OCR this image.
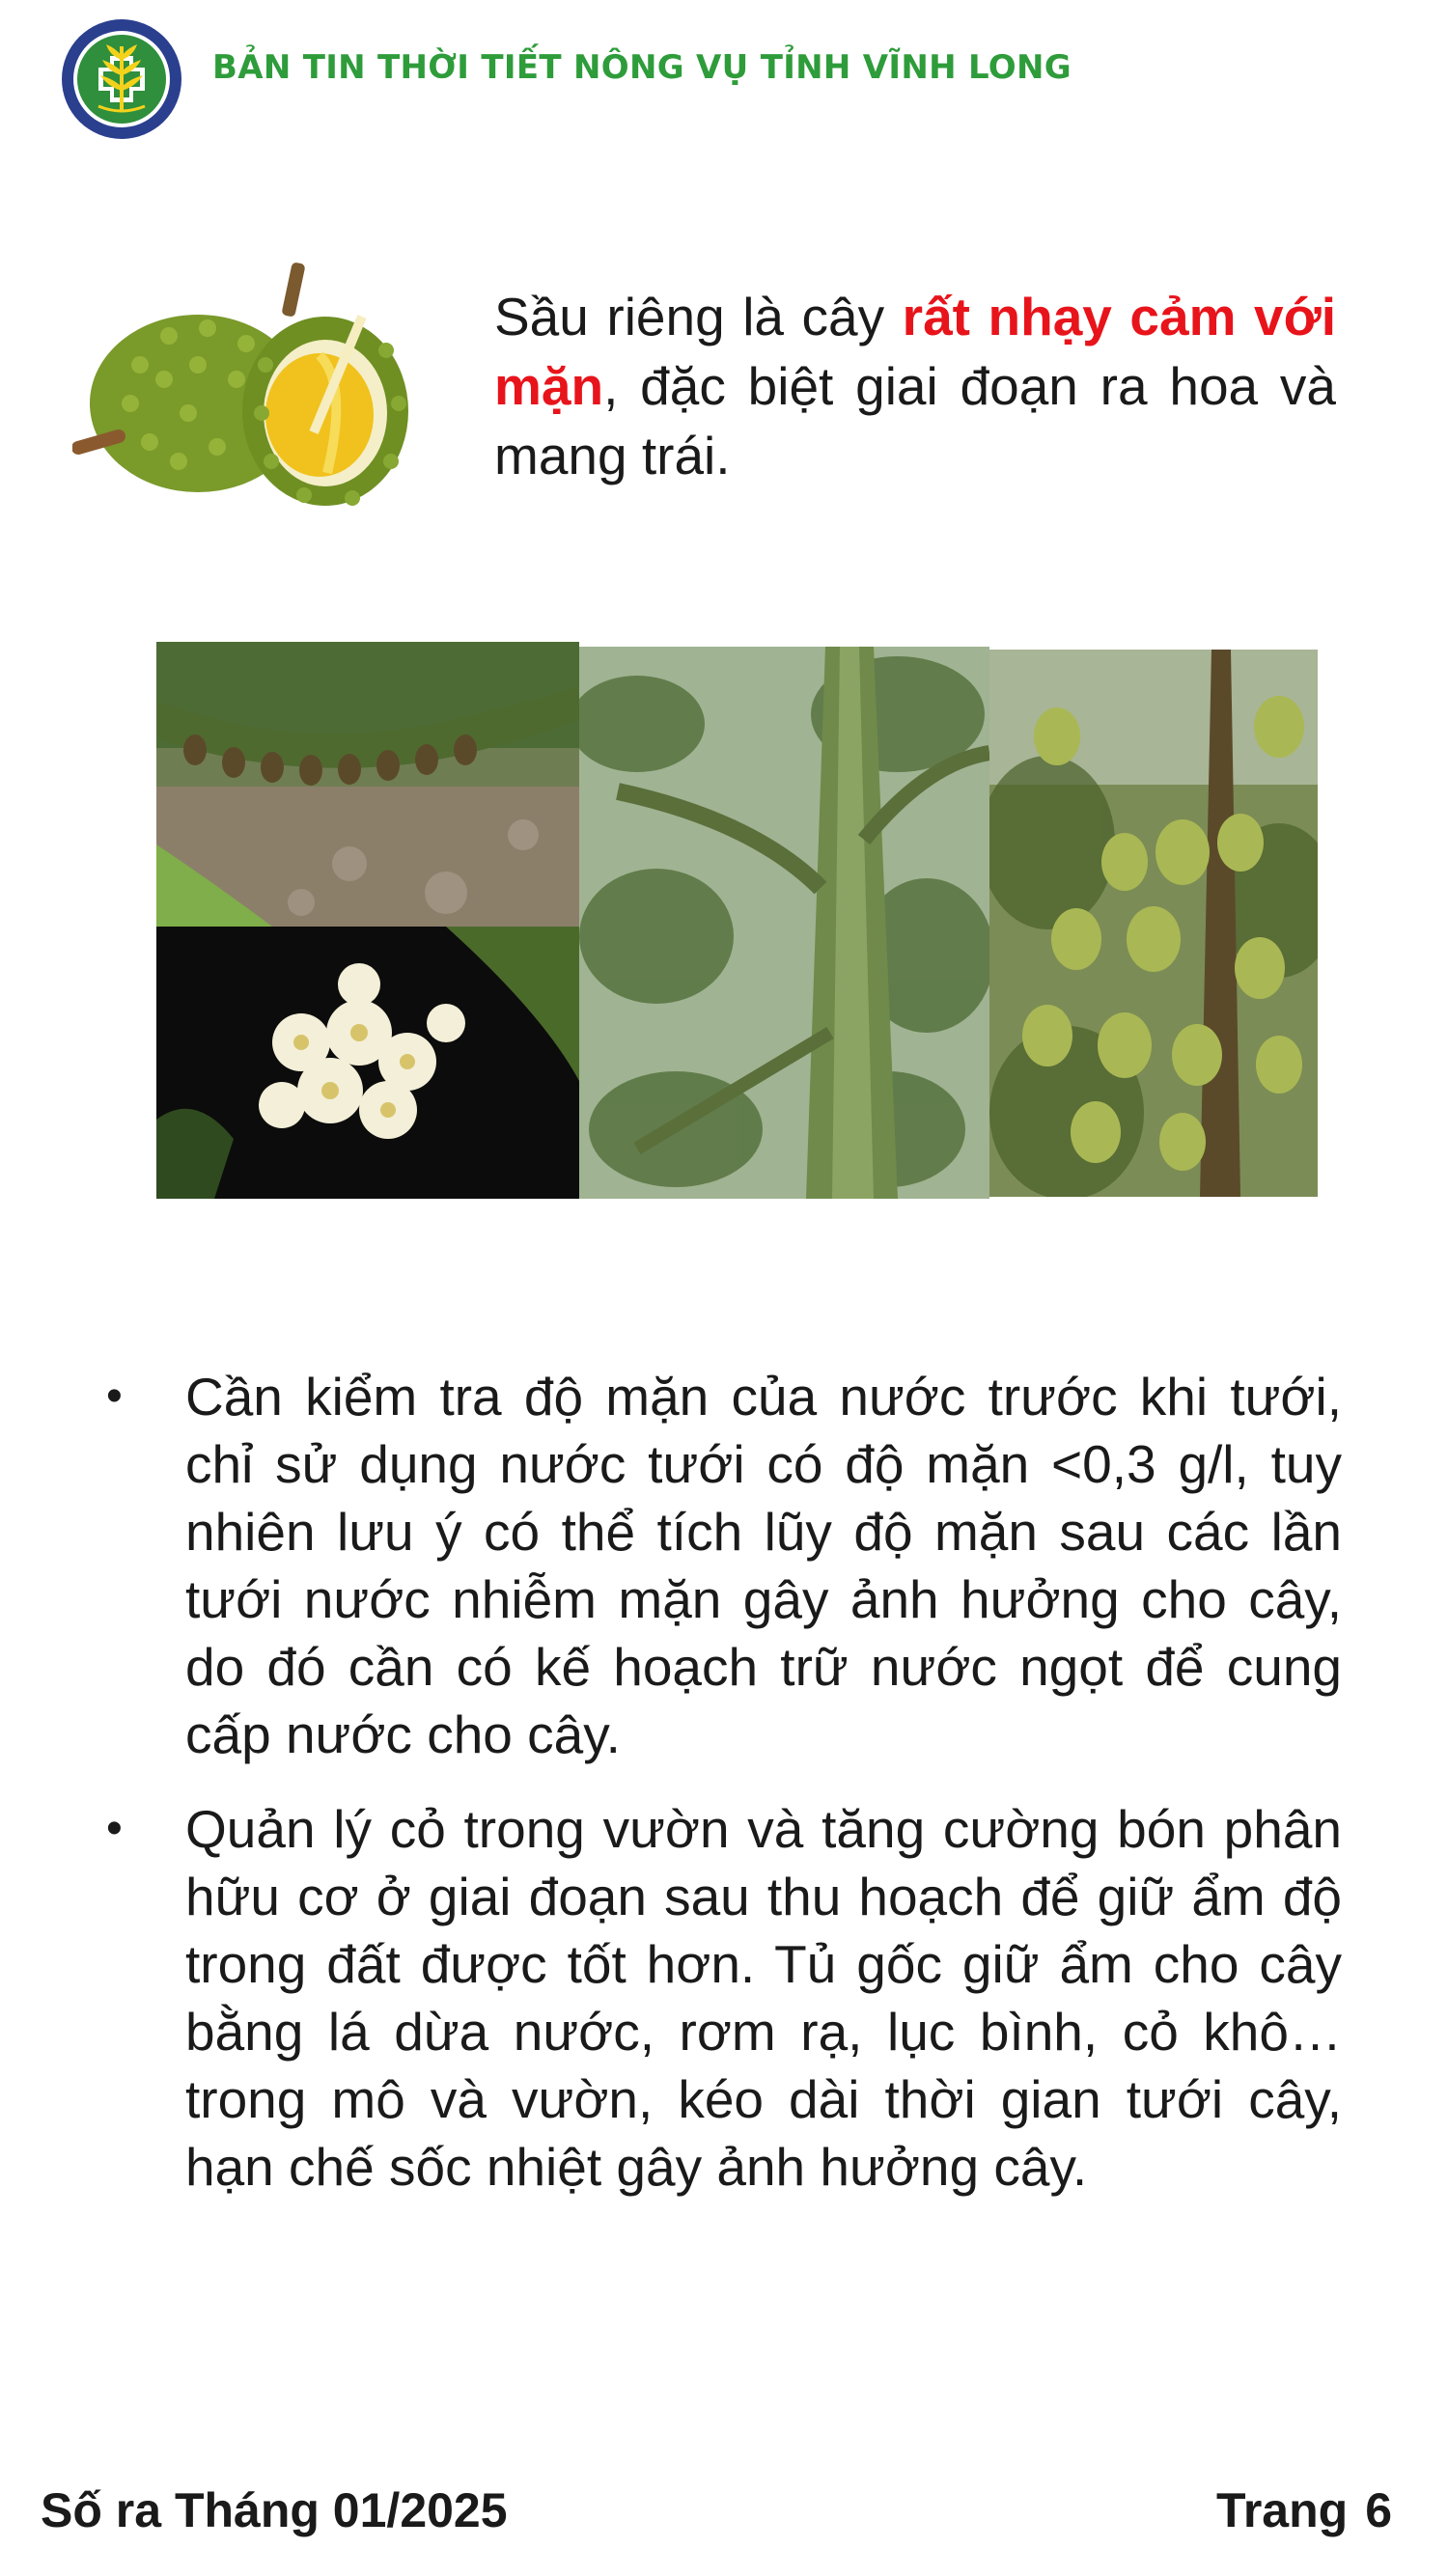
BẢN TIN THỜI TIẾT NÔNG VỤ TỈNH VĨNH LONG
Sầu riêng là cây rất nhạy cảm với mặn, đặc biệt giai đoạn ra hoa và mang trái.
• Cần kiểm tra độ mặn của nước trước khi tưới, chỉ sử dụng nước tưới có độ mặn <0,3 g/l, tuy nhiên lưu ý có thể tích lũy độ mặn sau các lần tưới nước nhiễm mặn gây ảnh hưởng cho cây, do đó cần có kế hoạch trữ nước ngọt để cung cấp nước cho cây.
• Quản lý cỏ trong vườn và tăng cường bón phân hữu cơ ở giai đoạn sau thu hoạch để giữ ẩm độ trong đất được tốt hơn. Tủ gốc giữ ẩm cho cây bằng lá dừa nước, rơm rạ, lục bình, cỏ khô… trong mô và vườn, kéo dài thời gian tưới cây, hạn chế sốc nhiệt gây ảnh hưởng cây.
Số ra Tháng 01/2025	Trang 6
